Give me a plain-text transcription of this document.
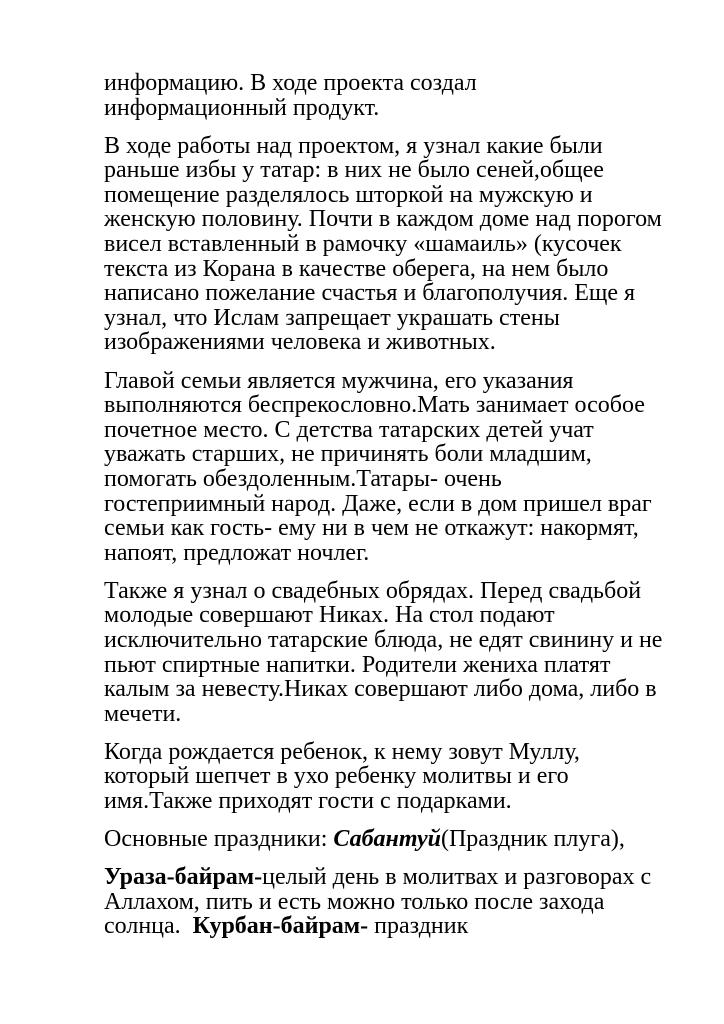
информацию. В ходе проекта создал
информационный продукт.

В ходе работы над проектом, я узнал какие были
раньше избы у татар: в них не было сеней,общее
помещение разделялось шторкой на мужскую и
женскую половину. Почти в каждом доме над порогом
висел вставленный в рамочку «шамаиль» (кусочек
текста из Корана в качестве оберега, на нем было
написано пожелание счастья и благополучия. Еще я
узнал, что Ислам запрещает украшать стены
изображениями человека и животных.

Главой семьи является мужчина, его указания
выполняются беспрекословно.Мать занимает особое
почетное место. С детства татарских детей учат
уважать старших, не причинять боли младшим,
помогать обездоленным.Татары- очень
гостеприимный народ. Даже, если в дом пришел враг
семьи как гость- ему ни в чем не откажут: накормят,
напоят, предложат ночлег.

Также я узнал о свадебных обрядах. Перед свадьбой
молодые совершают Никах. На стол подают
исключительно татарские блюда, не едят свинину и не
пьют спиртные напитки. Родители жениха платят
калым за невесту.Никах совершают либо дома, либо в
мечети.

Когда рождается ребенок, к нему зовут Муллу,
который шепчет в ухо ребенку молитвы и его
имя.Также приходят гости с подарками.

Основные праздники: Сабантуй(Праздник плуга),

Ураза-байрам-целый день в молитвах и разговорах с
Аллахом, пить и есть можно только после захода
солнца.  Курбан-байрам- праздник
